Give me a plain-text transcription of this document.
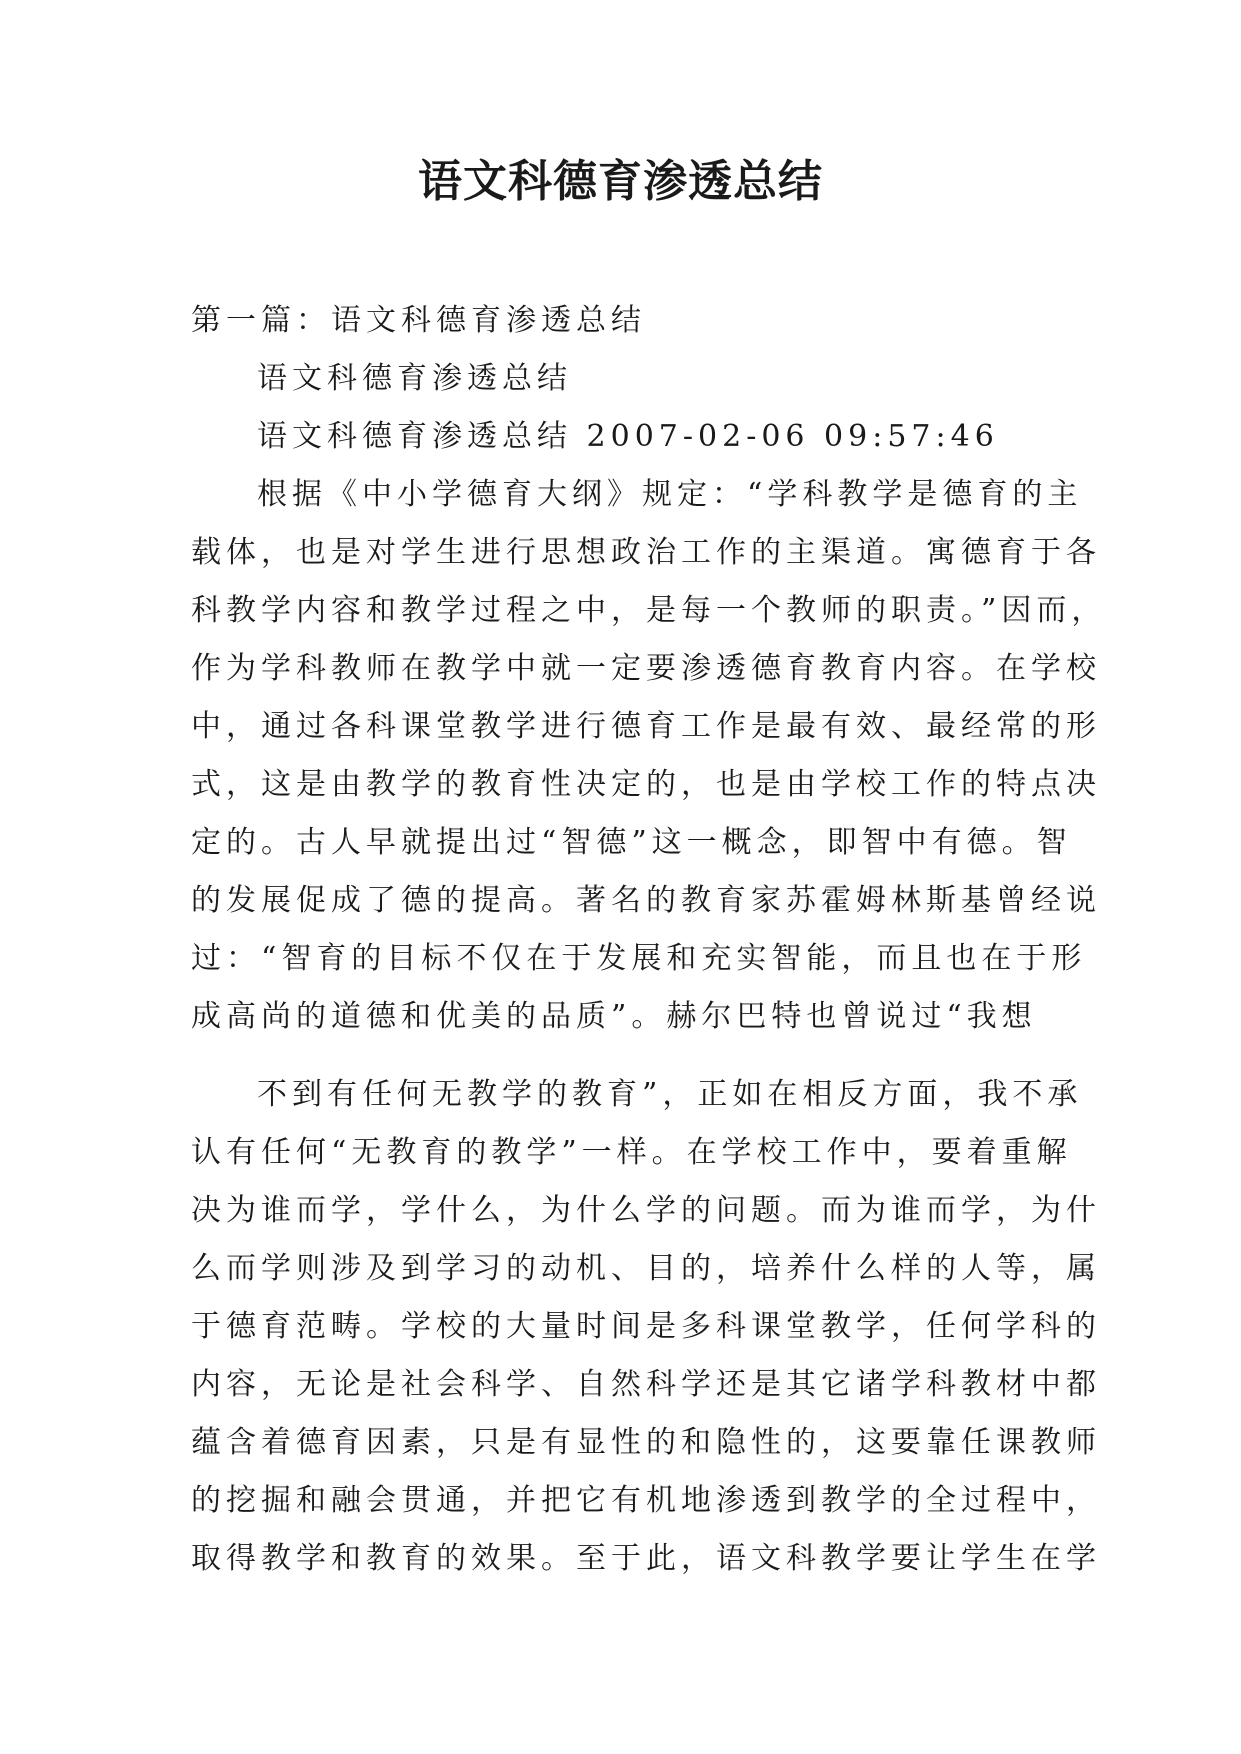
语文科德育渗透总结
第一篇：语文科德育渗透总结
语文科德育渗透总结
语文科德育渗透总结 2007-02-06 09:57:46
根据《中小学德育大纲》规定：“学科教学是德育的主
载体，也是对学生进行思想政治工作的主渠道。寓德育于各
科教学内容和教学过程之中，是每一个教师的职责。”因而，
作为学科教师在教学中就一定要渗透德育教育内容。在学校
中，通过各科课堂教学进行德育工作是最有效、最经常的形
式，这是由教学的教育性决定的，也是由学校工作的特点决
定的。古人早就提出过“智德”这一概念，即智中有德。智
的发展促成了德的提高。著名的教育家苏霍姆林斯基曾经说
过：“智育的目标不仅在于发展和充实智能，而且也在于形
成高尚的道德和优美的品质”。赫尔巴特也曾说过“我想
不到有任何无教学的教育”，正如在相反方面，我不承
认有任何“无教育的教学”一样。在学校工作中，要着重解
决为谁而学，学什么，为什么学的问题。而为谁而学，为什
么而学则涉及到学习的动机、目的，培养什么样的人等，属
于德育范畴。学校的大量时间是多科课堂教学，任何学科的
内容，无论是社会科学、自然科学还是其它诸学科教材中都
蕴含着德育因素，只是有显性的和隐性的，这要靠任课教师
的挖掘和融会贯通，并把它有机地渗透到教学的全过程中，
取得教学和教育的效果。至于此，语文科教学要让学生在学
